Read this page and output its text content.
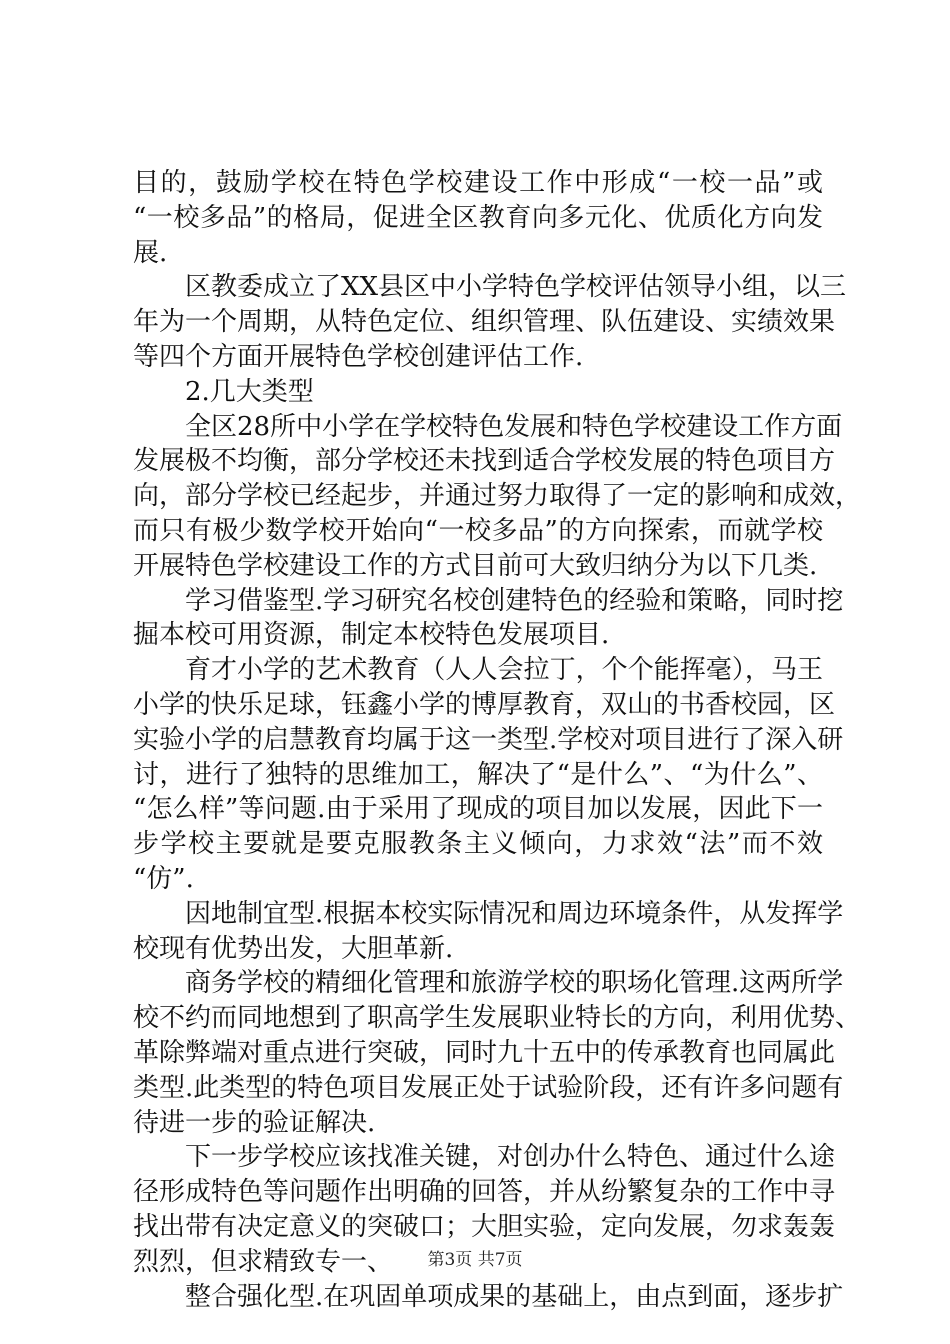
目的，鼓励学校在特色学校建设工作中形成“一校一品”或
“一校多品”的格局，促进全区教育向多元化、优质化方向发
展.
区教委成立了XX县区中小学特色学校评估领导小组，以三
年为一个周期，从特色定位、组织管理、队伍建设、实绩效果
等四个方面开展特色学校创建评估工作.
2.几大类型
全区28所中小学在学校特色发展和特色学校建设工作方面
发展极不均衡，部分学校还未找到适合学校发展的特色项目方
向，部分学校已经起步，并通过努力取得了一定的影响和成效，
而只有极少数学校开始向“一校多品”的方向探索，而就学校
开展特色学校建设工作的方式目前可大致归纳分为以下几类.
学习借鉴型.学习研究名校创建特色的经验和策略，同时挖
掘本校可用资源，制定本校特色发展项目.
育才小学的艺术教育（人人会拉丁，个个能挥毫），马王
小学的快乐足球，钰鑫小学的博厚教育，双山的书香校园，区
实验小学的启慧教育均属于这一类型.学校对项目进行了深入研
讨，进行了独特的思维加工，解决了“是什么”、“为什么”、
“怎么样”等问题.由于采用了现成的项目加以发展，因此下一
步学校主要就是要克服教条主义倾向，力求效“法”而不效
“仿”.
因地制宜型.根据本校实际情况和周边环境条件，从发挥学
校现有优势出发，大胆革新.
商务学校的精细化管理和旅游学校的职场化管理.这两所学
校不约而同地想到了职高学生发展职业特长的方向，利用优势、
革除弊端对重点进行突破，同时九十五中的传承教育也同属此
类型.此类型的特色项目发展正处于试验阶段，还有许多问题有
待进一步的验证解决.
下一步学校应该找准关键，对创办什么特色、通过什么途
径形成特色等问题作出明确的回答，并从纷繁复杂的工作中寻
找出带有决定意义的突破口；大胆实验，定向发展，勿求轰轰
烈烈，但求精致专一、
整合强化型.在巩固单项成果的基础上，由点到面，逐步扩
第3页 共7页
